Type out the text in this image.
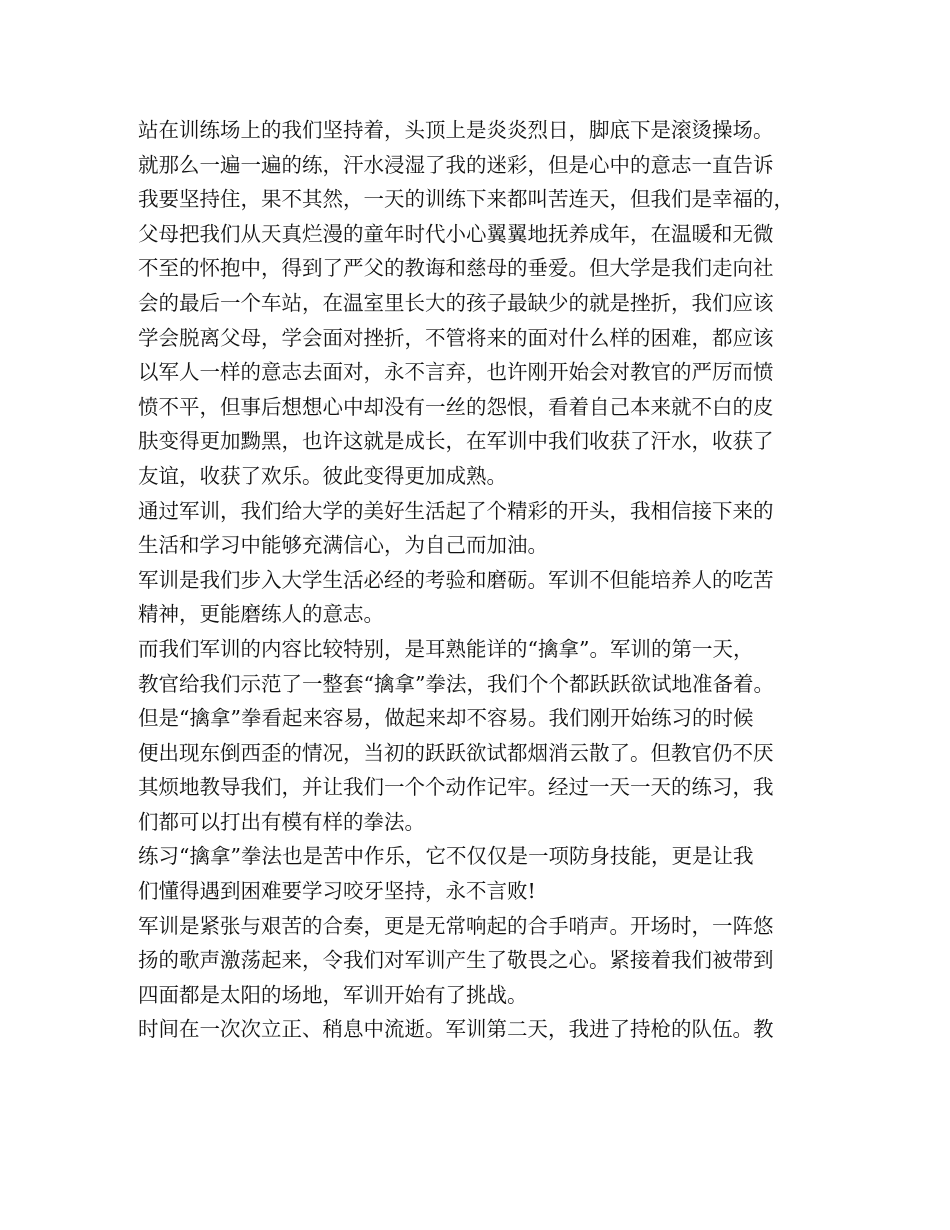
站在训练场上的我们坚持着，头顶上是炎炎烈日，脚底下是滚烫操场。
就那么一遍一遍的练，汗水浸湿了我的迷彩，但是心中的意志一直告诉
我要坚持住，果不其然，一天的训练下来都叫苦连天，但我们是幸福的，
父母把我们从天真烂漫的童年时代小心翼翼地抚养成年，在温暖和无微
不至的怀抱中，得到了严父的教诲和慈母的垂爱。但大学是我们走向社
会的最后一个车站，在温室里长大的孩子最缺少的就是挫折，我们应该
学会脱离父母，学会面对挫折，不管将来的面对什么样的困难，都应该
以军人一样的意志去面对，永不言弃，也许刚开始会对教官的严厉而愤
愤不平，但事后想想心中却没有一丝的怨恨，看着自己本来就不白的皮
肤变得更加黝黑，也许这就是成长，在军训中我们收获了汗水，收获了
友谊，收获了欢乐。彼此变得更加成熟。
通过军训，我们给大学的美好生活起了个精彩的开头，我相信接下来的
生活和学习中能够充满信心，为自己而加油。
军训是我们步入大学生活必经的考验和磨砺。军训不但能培养人的吃苦
精神，更能磨练人的意志。
而我们军训的内容比较特别，是耳熟能详的“擒拿”。军训的第一天，
教官给我们示范了一整套“擒拿”拳法，我们个个都跃跃欲试地准备着。
但是“擒拿”拳看起来容易，做起来却不容易。我们刚开始练习的时候
便出现东倒西歪的情况，当初的跃跃欲试都烟消云散了。但教官仍不厌
其烦地教导我们，并让我们一个个动作记牢。经过一天一天的练习，我
们都可以打出有模有样的拳法。
练习“擒拿”拳法也是苦中作乐，它不仅仅是一项防身技能，更是让我
们懂得遇到困难要学习咬牙坚持，永不言败!
军训是紧张与艰苦的合奏，更是无常响起的合手哨声。开场时，一阵悠
扬的歌声激荡起来，令我们对军训产生了敬畏之心。紧接着我们被带到
四面都是太阳的场地，军训开始有了挑战。
时间在一次次立正、稍息中流逝。军训第二天，我进了持枪的队伍。教
